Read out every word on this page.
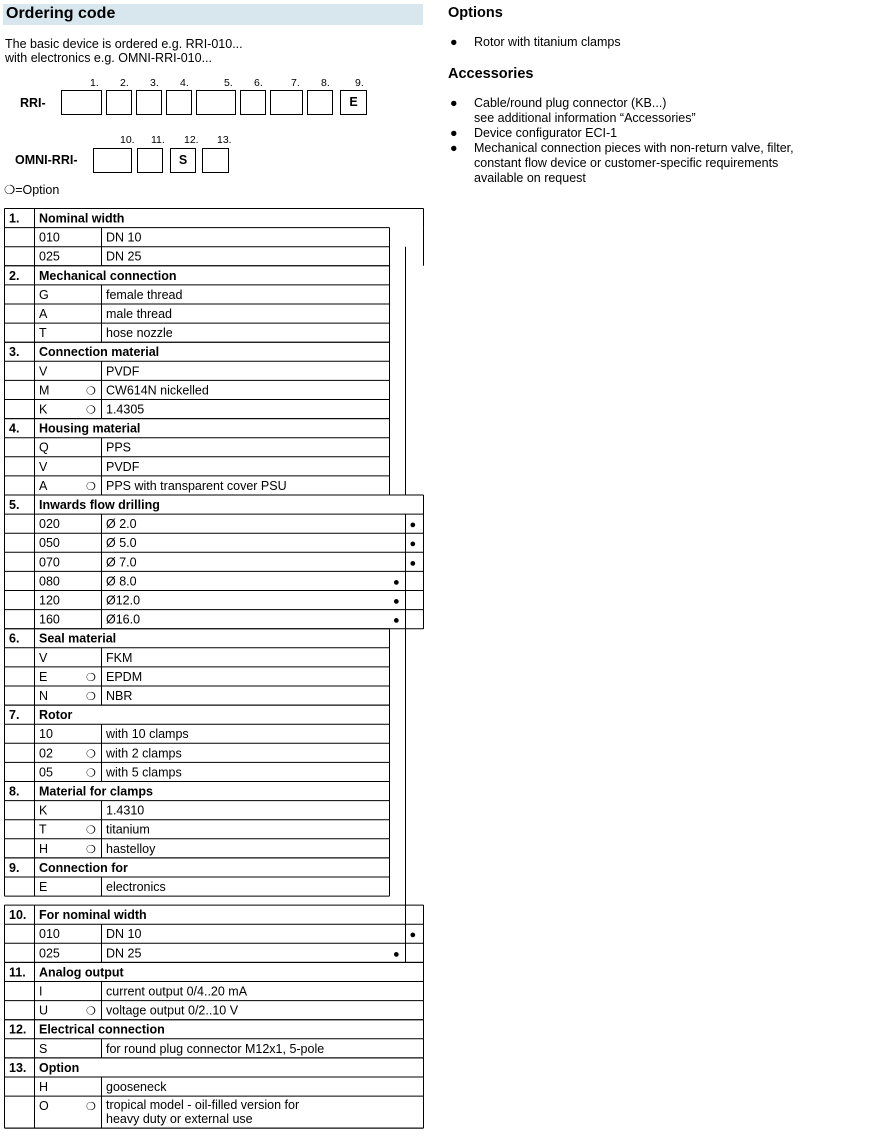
Ordering code
The basic device is ordered e.g. RRI-010...
with electronics e.g. OMNI-RRI-010...
RRI-
1. 2. 3. 4.	5. 6.	7. 8. 9.
E
OMNI-RRI-
10. 11. 12.
S
13.
❍=Option
1. Nominal width
010	DN 10
025	DN 25
2. Mechanical connection
G	female thread
A	male thread
T	hose nozzle
3. Connection material
V	PVDF
M	❍ CW614N nickelled
K	❍ 1.4305
4. Housing material
Q	PPS
V	PVDF
A	❍ PPS with transparent cover PSU
5. Inwards flow drilling
020	Ø 2.0	●
050	Ø 5.0	●
070	Ø 7.0	●
080	Ø 8.0	●
120	Ø12.0	●
160	Ø16.0	●
6. Seal material
V	FKM
E	❍ EPDM
N	❍ NBR
7. Rotor
10	with 10 clamps
02	❍ with 2 clamps
05	❍ with 5 clamps
8. Material for clamps
K	1.4310
T	❍ titanium
H	❍ hastelloy
9. Connection for
E	electronics
10. For nominal width
010	DN 10	●
025	DN 25	●
11. Analog output
I	current output 0/4..20 mA
U	❍ voltage output 0/2..10 V
12. Electrical connection
S	for round plug connector M12x1, 5-pole
13. Option
H	gooseneck
O	❍ tropical model - oil-filled version for
heavy duty or external use
Options
● Rotor with titanium clamps
Accessories
● Cable/round plug connector (KB...)
see additional information “Accessories”
● Device configurator ECI-1
● Mechanical connection pieces with non-return valve, filter,
constant flow device or customer-specific requirements
available on request
